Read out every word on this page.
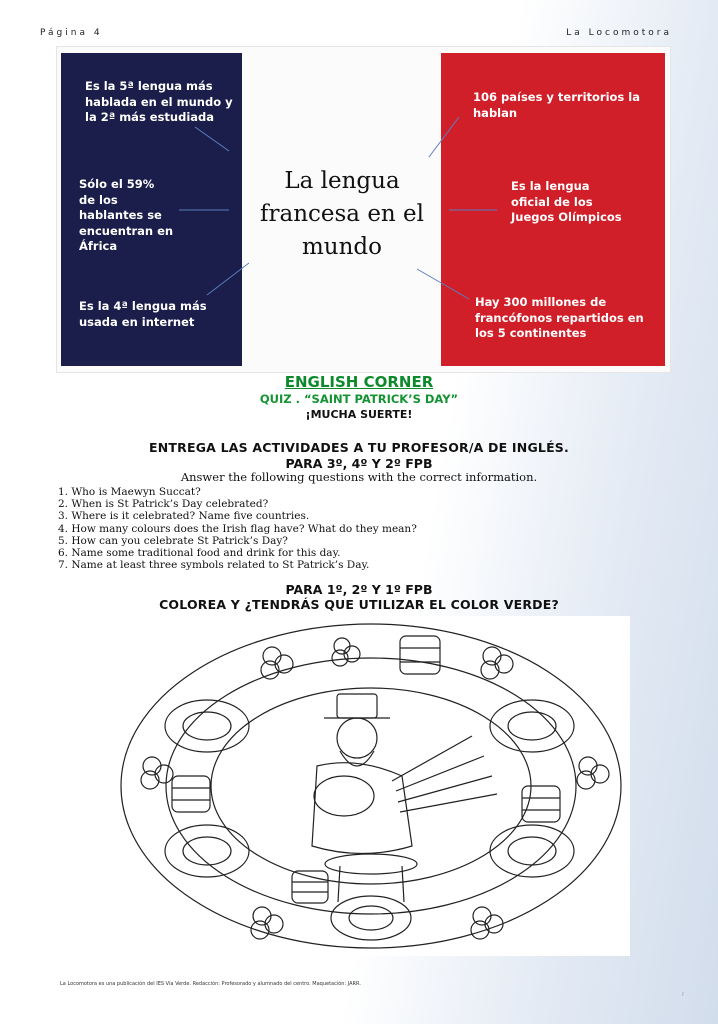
Página 4	La Locomotora
Es la 5ª lengua más hablada en el mundo y la 2ª más estudiada
Sólo el 59% de los hablantes se encuentran en África
Es la 4ª lengua más usada en internet
106 países y territorios la hablan
Es la lengua oficial de los Juegos Olímpicos
Hay 300 millones de francófonos repartidos en los 5 continentes
La lengua francesa en el mundo
ENGLISH CORNER
QUIZ . “SAINT PATRICK’S DAY”
¡MUCHA SUERTE!
ENTREGA LAS ACTIVIDADES A TU PROFESOR/A DE INGLÉS.
PARA 3º, 4º Y 2º FPB
Answer the following questions with the correct information.
1. Who is Maewyn Succat?
2. When is St Patrick’s Day celebrated?
3. Where is it celebrated? Name five countries.
4. How many colours does the Irish flag have? What do they mean?
5. How can you celebrate St Patrick’s Day?
6. Name some traditional food and drink for this day.
7. Name at least three symbols related to St Patrick’s Day.
PARA 1º, 2º Y 1º FPB
COLOREA Y ¿TENDRÁS QUE UTILIZAR EL COLOR VERDE?
La Locomotora es una publicación del IES Vía Verde. Redacción: Profesorado y alumnado del centro. Maquetación: JARR.
F
